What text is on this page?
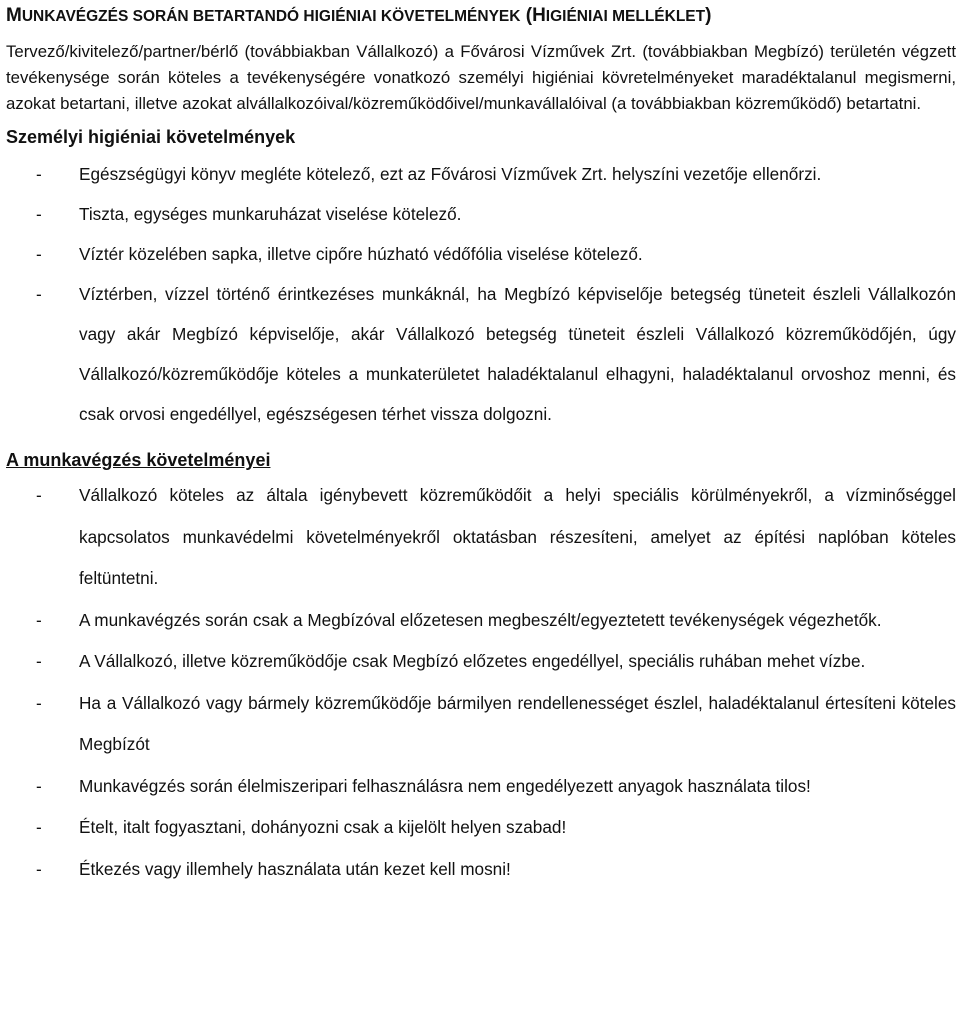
MUNKAVÉGZÉS SORÁN BETARTANDÓ HIGIÉNIAI KÖVETELMÉNYEK (HIGIÉNIAI MELLÉKLET)

Tervező/kivitelező/partner/bérlő (továbbiakban Vállalkozó) a Fővárosi Vízművek Zrt. (továbbiakban Megbízó) területén végzett tevékenysége során köteles a tevékenységére vonatkozó személyi higiéniai kövretelményeket maradéktalanul megismerni, azokat betartani, illetve azokat alvállalkozóival/közreműködőivel/munkavállalóival (a továbbiakban közreműködő) betartatni.

Személyi higiéniai követelmények
- Egészségügyi könyv megléte kötelező, ezt az Fővárosi Vízművek Zrt. helyszíni vezetője ellenőrzi.
- Tiszta, egységes munkaruházat viselése kötelező.
- Víztér közelében sapka, illetve cipőre húzható védőfólia viselése kötelező.
- Víztérben, vízzel történő érintkezéses munkáknál, ha Megbízó képviselője betegség tüneteit észleli Vállalkozón vagy akár Megbízó képviselője, akár Vállalkozó betegség tüneteit észleli Vállalkozó közreműködőjén, úgy Vállalkozó/közreműködője köteles a munkaterületet haladéktalanul elhagyni, haladéktalanul orvoshoz menni, és csak orvosi engedéllyel, egészségesen térhet vissza dolgozni.
A munkavégzés követelményei
- Vállalkozó köteles az általa igénybevett közreműködőit a helyi speciális körülményekről, a vízminőséggel kapcsolatos munkavédelmi követelményekről oktatásban részesíteni, amelyet az építési naplóban köteles feltüntetni.
- A munkavégzés során csak a Megbízóval előzetesen megbeszélt/egyeztetett tevékenységek végezhetők.
- A Vállalkozó, illetve közreműködője csak Megbízó előzetes engedéllyel, speciális ruhában mehet vízbe.
- Ha a Vállalkozó vagy bármely közreműködője bármilyen rendellenességet észlel, haladéktalanul értesíteni köteles Megbízót
- Munkavégzés során élelmiszeripari felhasználásra nem engedélyezett anyagok használata tilos!
- Ételt, italt fogyasztani, dohányozni csak a kijelölt helyen szabad!
- Étkezés vagy illemhely használata után kezet kell mosni!
